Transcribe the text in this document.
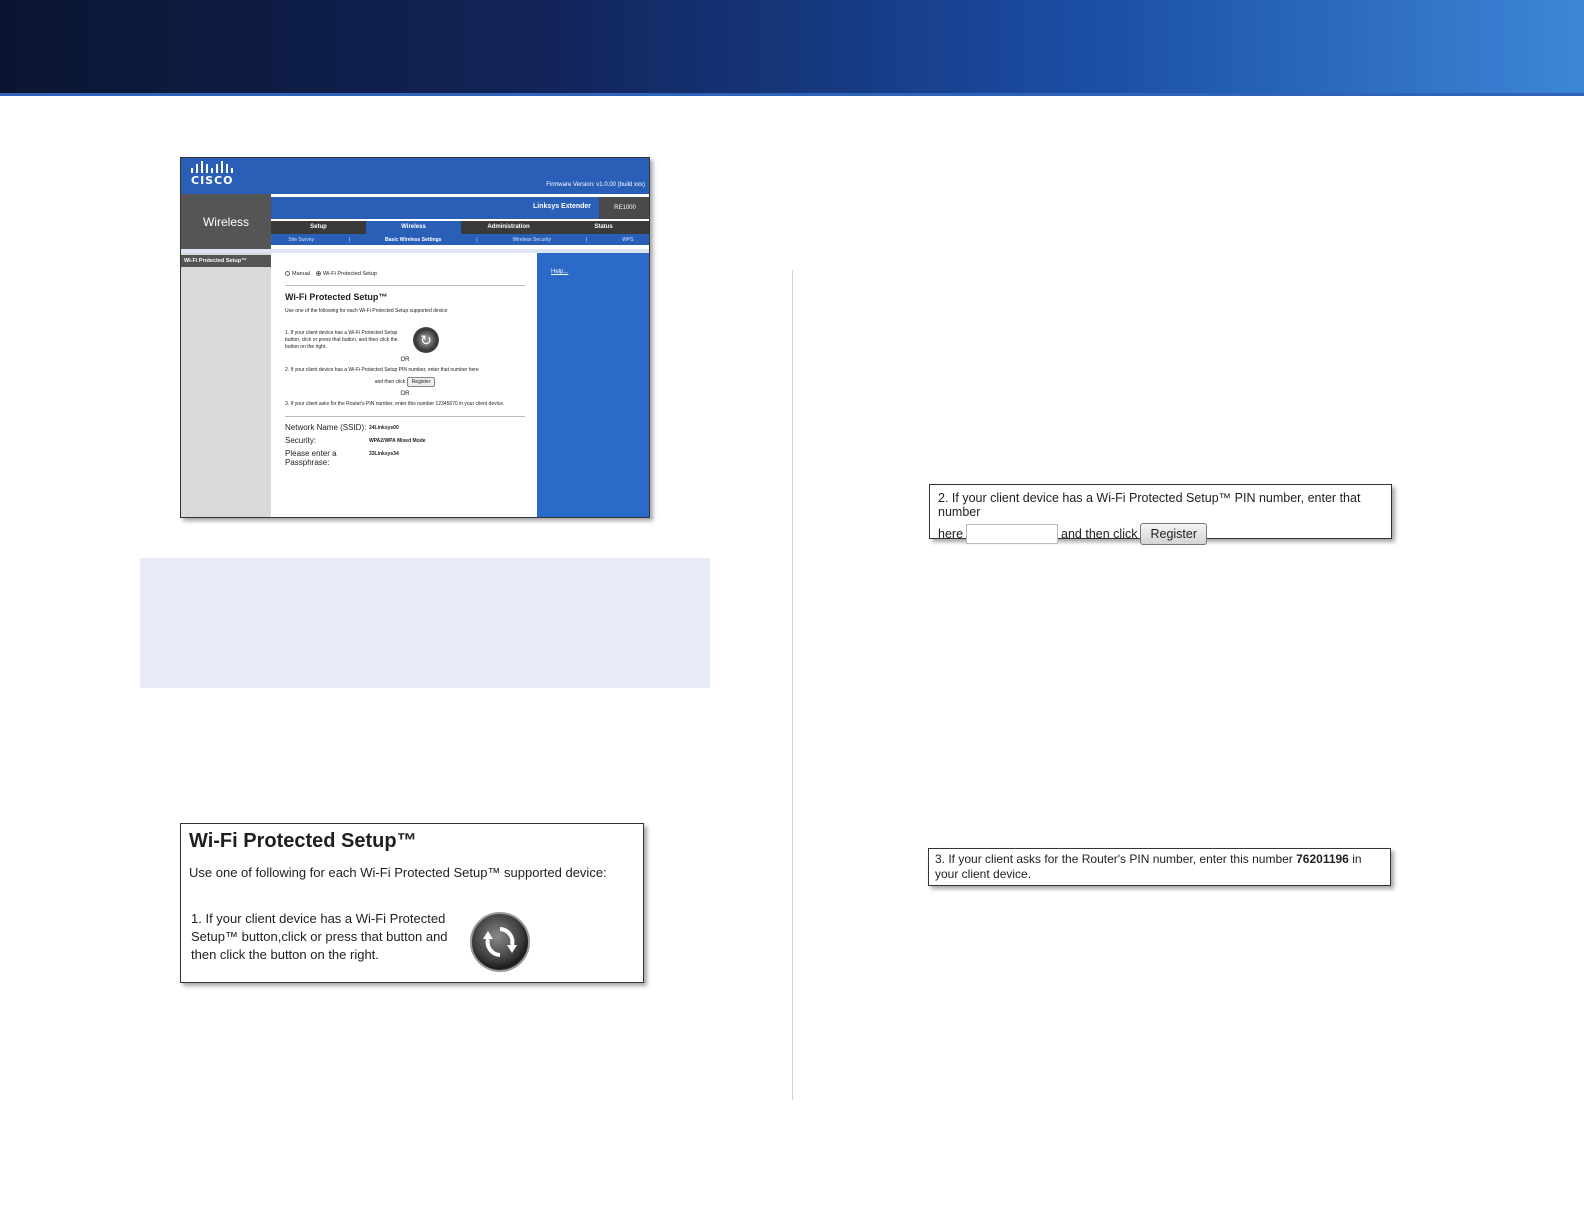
CISCO	Firmware Version: v1.0.00 (build xxx)
Wireless
Linksys Extender	RE1000
Setup	Wireless	Administration	Status
Site Survey	|	Basic Wireless Settings	|	Wireless Security	|	WPS
Wi-Fi Protected Setup™
Manual	Wi-Fi Protected Setup
Wi-Fi Protected Setup™
Use one of the following for each Wi-Fi Protected Setup supported device
1. If your client device has a Wi-Fi Protected Setup button, click or press that button, and then click the button on the right.	↻
OR
2. If your client device has a Wi-Fi Protected Setup PIN number, enter that number here
and then click Register
OR
3. If your client asks for the Router's PIN number, enter this number 12345670 in your client device.
Network Name (SSID): 24Linksys00
Security:	WPA2/WPA Mixed Mode
Please enter a Passphrase:
33Linksys34
Help...
Wi-Fi Protected Setup™
Use one of following for each Wi-Fi Protected Setup™ supported device:
1. If your client device has a Wi-Fi Protected Setup™ button,click or press that button and then click the button on the right.
2. If your client device has a Wi-Fi Protected Setup™ PIN number, enter that number
here	and then click	Register
3. If your client asks for the Router's PIN number, enter this number 76201196 in your client device.
